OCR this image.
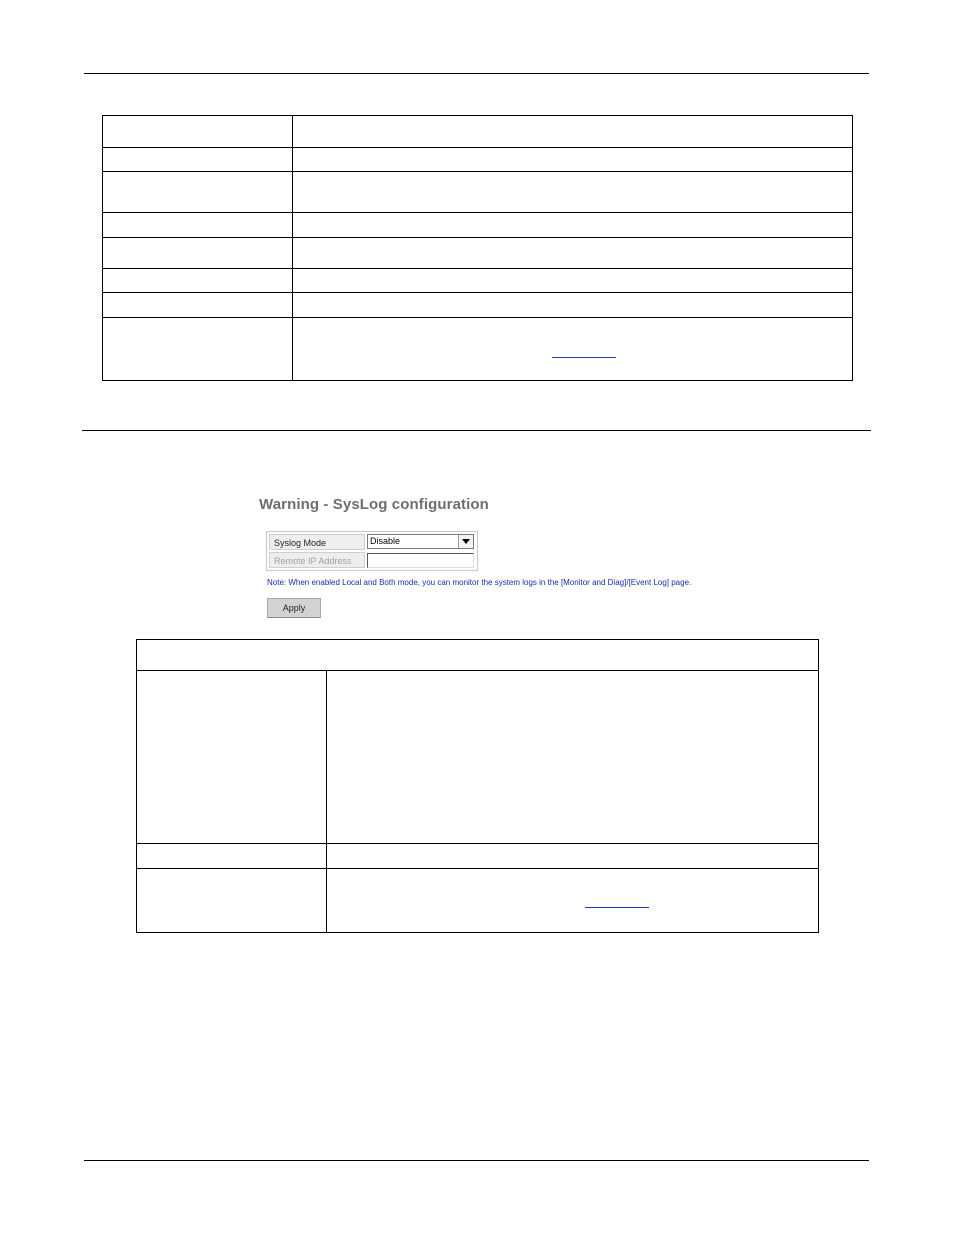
Warning - SysLog configuration
Syslog Mode	Disable
Remote IP Address
Note: When enabled Local and Both mode, you can monitor the system logs in the [Monitor and Diag]/[Event Log] page.
Apply
